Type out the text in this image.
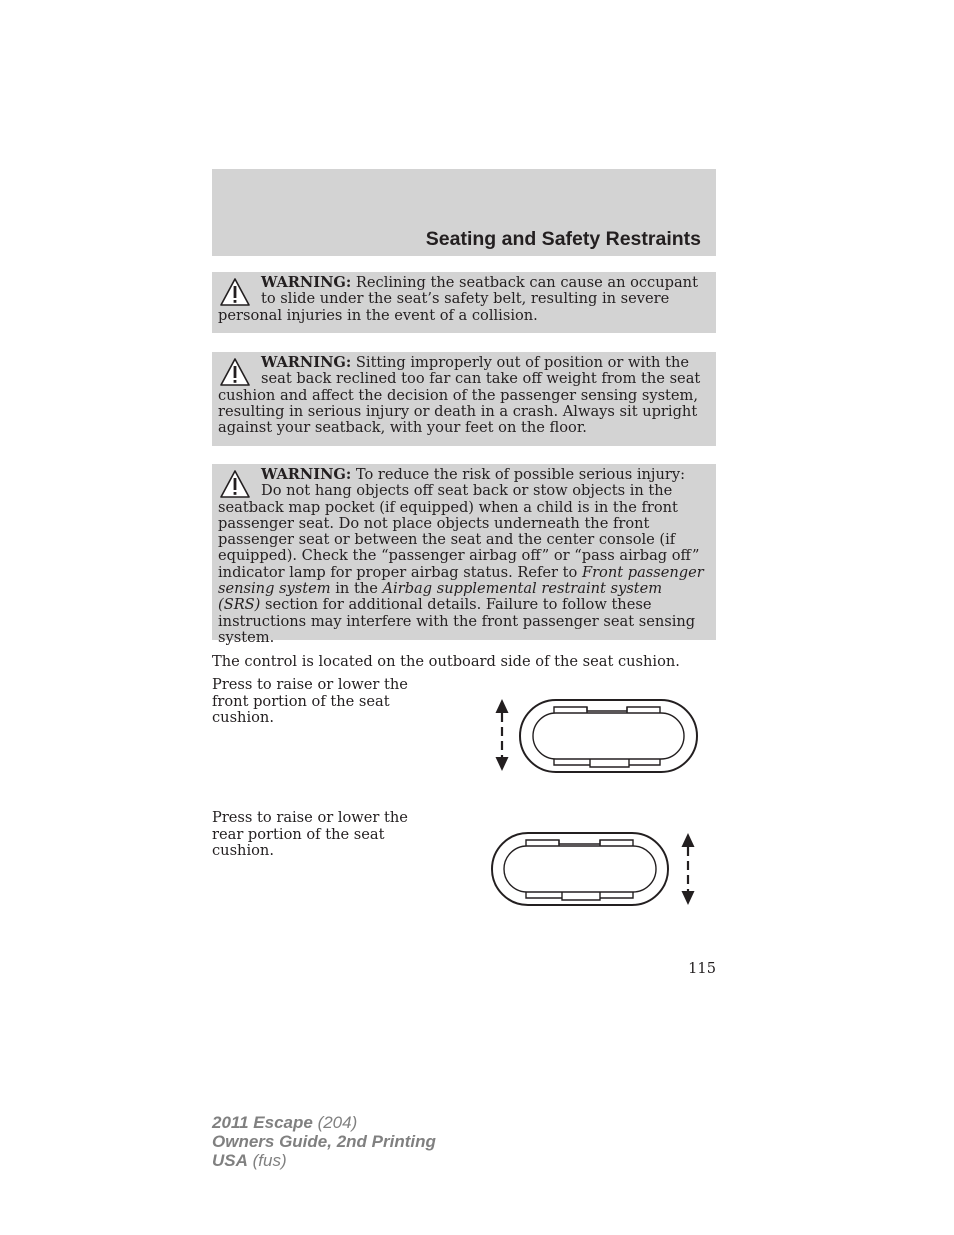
Seating and Safety Restraints
WARNING: Reclining the seatback can cause an occupant to slide under the seat’s safety belt, resulting in severe personal injuries in the event of a collision.
WARNING: Sitting improperly out of position or with the seat back reclined too far can take off weight from the seat cushion and affect the decision of the passenger sensing system, resulting in serious injury or death in a crash. Always sit upright against your seatback, with your feet on the floor.
WARNING: To reduce the risk of possible serious injury: Do not hang objects off seat back or stow objects in the seatback map pocket (if equipped) when a child is in the front passenger seat. Do not place objects underneath the front passenger seat or between the seat and the center console (if equipped). Check the “passenger airbag off” or “pass airbag off” indicator lamp for proper airbag status. Refer to Front passenger sensing system in the Airbag supplemental restraint system (SRS) section for additional details. Failure to follow these instructions may interfere with the front passenger seat sensing system.
The control is located on the outboard side of the seat cushion.
Press to raise or lower the front portion of the seat cushion.
Press to raise or lower the rear portion of the seat cushion.
115
2011 Escape (204)
Owners Guide, 2nd Printing
USA (fus)
